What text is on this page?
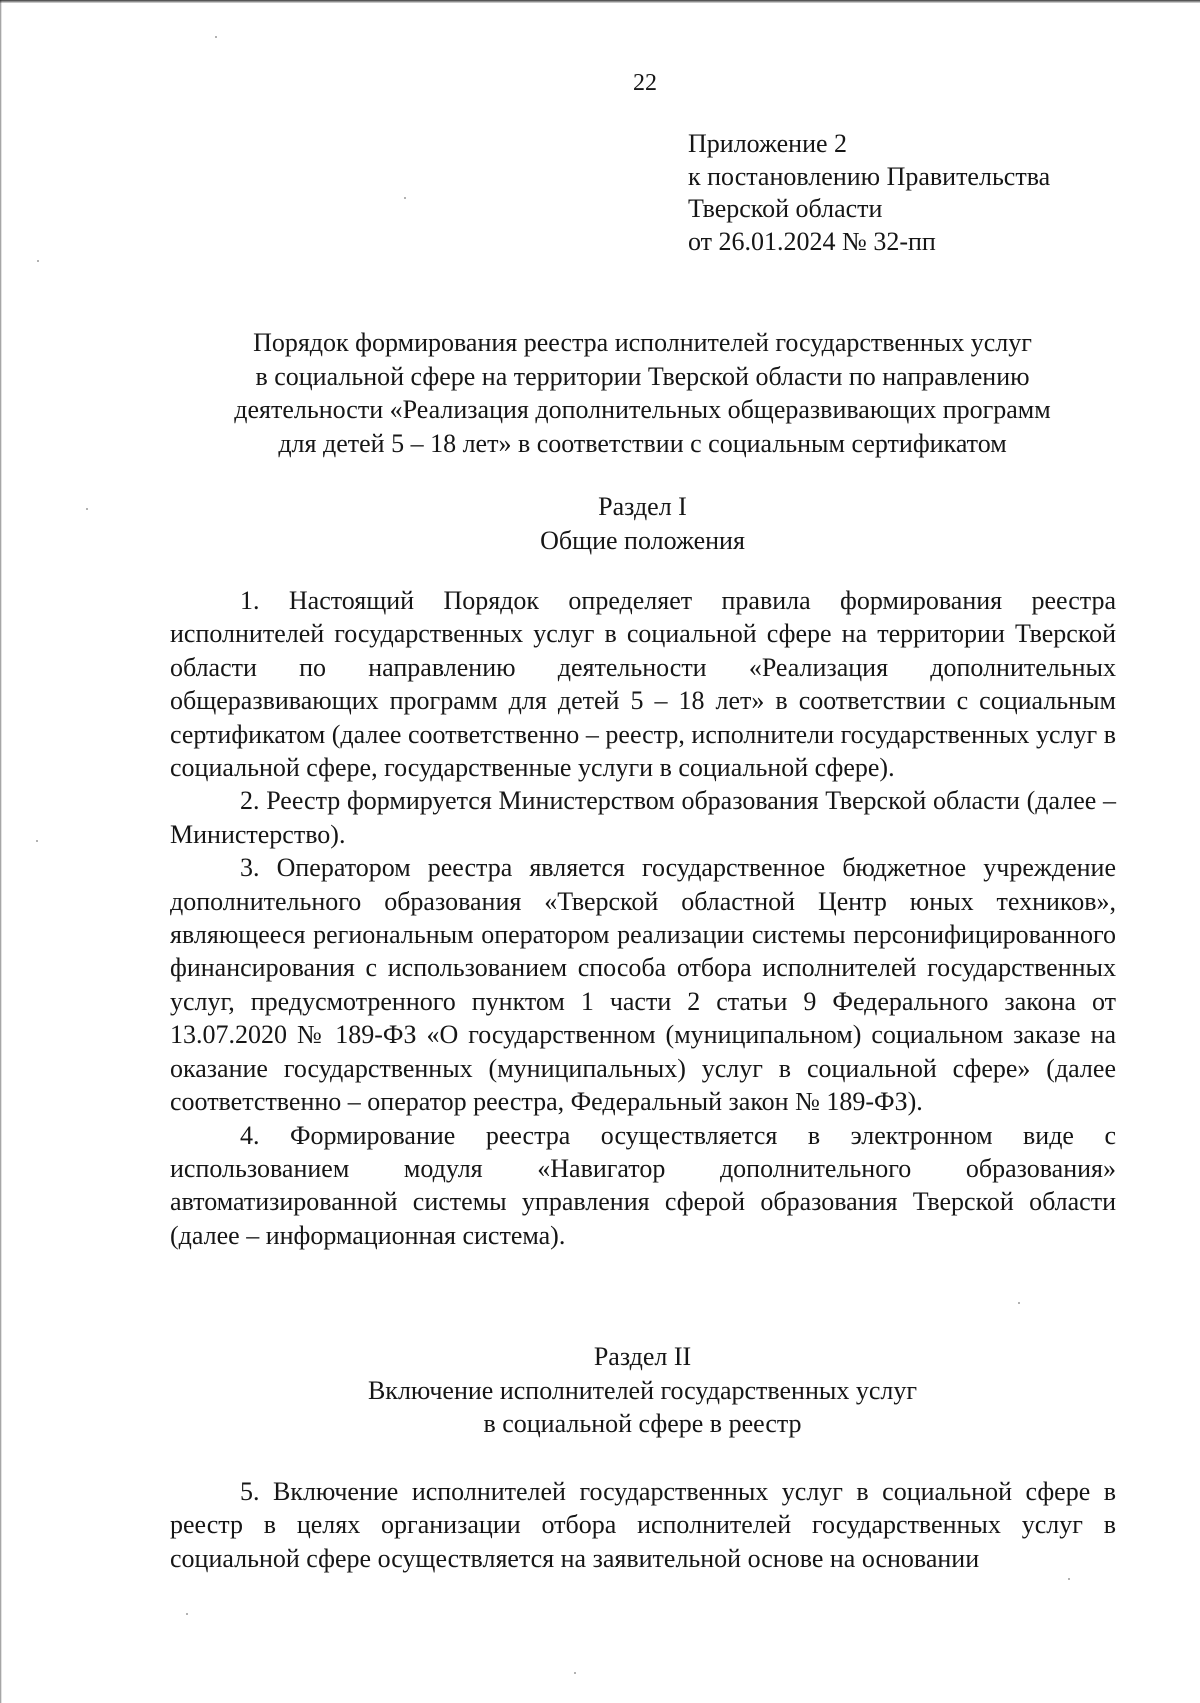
22
Приложение 2
к постановлению Правительства
Тверской области
от 26.01.2024 № 32-пп
Порядок формирования реестра исполнителей государственных услуг
в социальной сфере на территории Тверской области по направлению
деятельности «Реализация дополнительных общеразвивающих программ
для детей 5 – 18 лет» в соответствии с социальным сертификатом
Раздел I
Общие положения

1. Настоящий Порядок определяет правила формирования реестра исполнителей государственных услуг в социальной сфере на территории Тверской области по направлению деятельности «Реализация дополнительных общеразвивающих программ для детей 5 – 18 лет» в соответствии с социальным сертификатом (далее соответственно – реестр, исполнители государственных услуг в социальной сфере, государственные услуги в социальной сфере).

2. Реестр формируется Министерством образования Тверской области (далее – Министерство).

3. Оператором реестра является государственное бюджетное учреждение дополнительного образования «Тверской областной Центр юных техников», являющееся региональным оператором реализации системы персонифицированного финансирования с использованием способа отбора исполнителей государственных услуг, предусмотренного пунктом 1 части 2 статьи 9 Федерального закона от 13.07.2020 № 189-ФЗ «О государственном (муниципальном) социальном заказе на оказание государственных (муниципальных) услуг в социальной сфере» (далее соответственно – оператор реестра, Федеральный закон № 189-ФЗ).

4. Формирование реестра осуществляется в электронном виде с использованием модуля «Навигатор дополнительного образования» автоматизированной системы управления сферой образования Тверской области (далее – информационная система).

Раздел II
Включение исполнителей государственных услуг
в социальной сфере в реестр

5. Включение исполнителей государственных услуг в социальной сфере в реестр в целях организации отбора исполнителей государственных услуг в социальной сфере осуществляется на заявительной основе на основании
